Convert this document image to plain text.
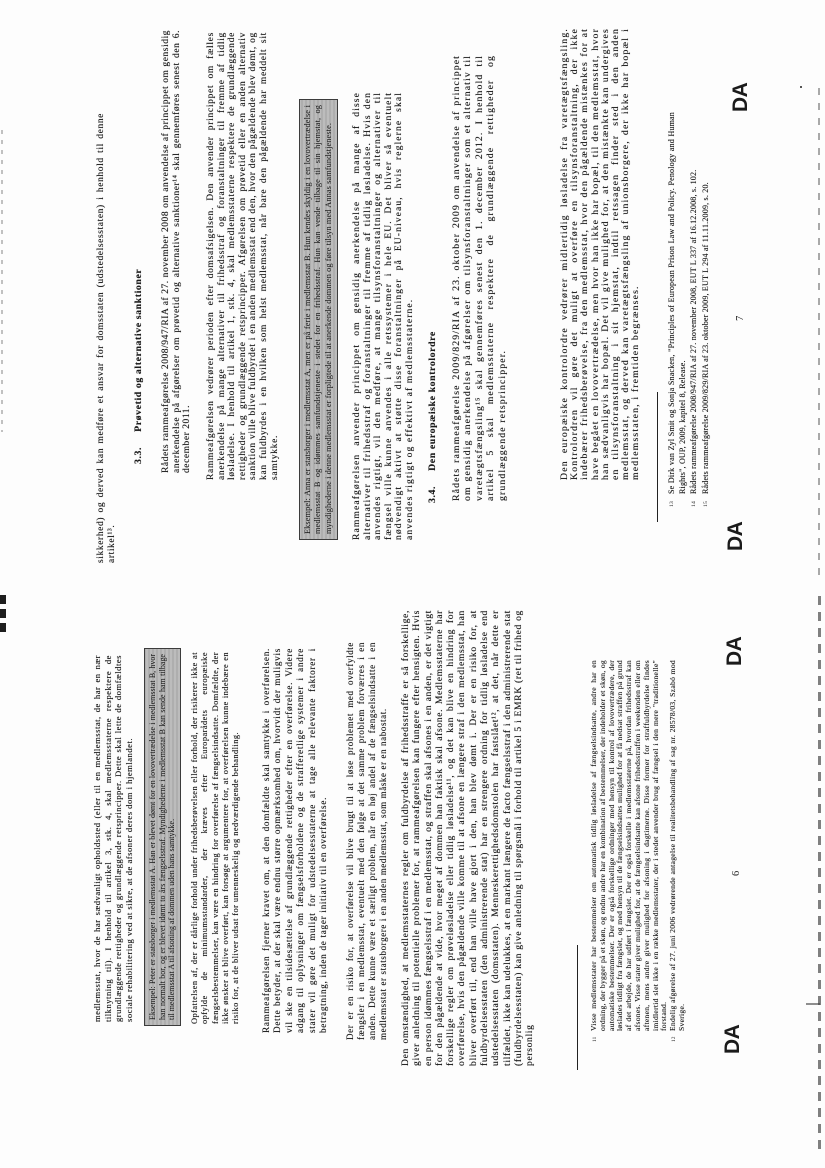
sikkerhed) og derved kan medføre et ansvar for domsstaten (udstedelsesstaten) i henhold til denne artikel¹³.
3.3.
Prøvetid og alternative sanktioner Rådets rammeafgørelse 2008/947/RIA af 27. november 2008 om anvendelse af princippet om gensidig anerkendelse på afgørelser om prøvetid og alternative sanktioner¹⁴ skal gennemføres senest den 6. december 2011. Rammeafgørelsen vedrører perioden efter domsafsigelsen. Den anvender princippet om fælles anerkendelse på mange alternativer til frihedsstraf og foranstaltninger til fremme af tidlig løsladelse. I henhold til artikel 1, stk. 4, skal medlemsstaterne respektere de grundlæggende rettigheder og grundlæggende retsprincipper. Afgørelsen om prøvetid eller en anden alternativ sanktion ville blive fuldbyrdet i en anden medlemsstat end den, hvor den pågældende blev dømt, og kan fuldbyrdes i en hvilken som helst medlemsstat, når bare den pågældende har meddelt sit samtykke.	Eksempel: Anna er statsborger i medlemsstat A, men er på ferie i medlemsstat B. Hun kendes skyldig i en lovovertrædelse i medlemsstat B og idømmes samfundstjeneste i stedet for en frihedsstraf. Hun kan vende tilbage til sin hjemstat, og myndighederne i denne medlemsstat er forpligtede til at anerkende dommen og føre tilsyn med Annas samfundstjeneste.	Rammeafgørelsen anvender princippet om gensidig anerkendelse på mange af disse alternativer til frihedsstraf og foranstaltninger til fremme af tidlig løsladelse. Hvis den anvendes rigtigt, vil den medføre, at mange tilsynsforanstaltninger og alternativer til fængsel ville kunne anvendes i alle retssystemer i hele EU. Det bliver så eventuelt nødvendigt aktivt at støtte disse foranstaltninger på EU-niveau, hvis reglerne skal anvendes rigtigt og effektivt af medlemsstaterne. 3.4.
Den europæiske kontrolordre Rådets rammeafgørelse 2009/829/RIA af 23. oktober 2009 om anvendelse af princippet om gensidig anerkendelse på afgørelser om tilsynsforanstaltninger som et alternativ til varetægtsfængsling¹⁵ skal gennemføres senest den 1. december 2012. I henhold til artikel 5 skal medlemsstaterne respektere de grundlæggende rettigheder og grundlæggende retsprincipper.	Den europæiske kontrolordre vedrører midlertidig løsladelse fra varetægtsfængsling. Kontrolordren vil gøre det muligt at overføre en tilsynsforanstaltning, der ikke indebærer frihedsberøvelse, fra den medlemsstat, hvor den pågældende mistænkes for at have begået en lovovertrædelse, men hvor han ikke har bopæl, til den medlemsstat, hvor han sædvanligvis har bopæl. Det vil give mulighed for, at den mistænkte kan undergives en tilsynsforanstaltning i sit hjemstat, indtil retssagen finder sted i den anden medlemsstat, og derved kan varetægtsfængsling af unionsborgere, der ikke har bopæl i medlemsstaten, i fremtiden begrænses.
13
Se Dirk van Zyl Smit og Sonja Snacken, "Principles of European Prison Law and Policy. Penology and Human Rights", OUP, 2009, kapitel 8, Release.
14
Rådets rammeafgørelse 2008/947/RIA af 27. november 2008, EUT L 337 af 16.12.2008, s. 102.
15
Rådets rammeafgørelse 2009/829/RIA af 23. oktober 2009, EUT L 294 af 11.11.2009, s. 20. 7
DA
DA
medlemsstat, hvor de har sædvanligt opholdssted (eller til en medlemsstat, de har en nær tilknytning til). I henhold til artikel 3, stk. 4, skal medlemsstaterne respektere de grundlæggende rettigheder og grundlæggende retsprincipper. Dette skal lette de domfældtes sociale rehabilitering ved at sikre, at de afsoner deres dom i hjemlandet.	Eksempel: Peter er statsborger i medlemsstat A. Han er blevet dømt for en lovovertrædelse i medlemsstat B, hvor han normalt bor, og er blevet idømt to års fængselsstraf. Myndighederne i medlemsstat B kan sende ham tilbage til medlemsstat A til afsoning af dommen uden hans samtykke.	Opfattelsen af, der er dårlige forhold under frihedsberøvelsen eller forhold, der risikerer ikke at opfylde de minimumsstandarder, der kræves efter Europarådets europæiske fængselsbestemmelser, kan være en hindring for overførelse af fængselsindsatte. Domfældte, der ikke ønsker at blive overført, kan forsøge at argumentere for, at overførelsen kunne indebære en risiko for, at de bliver udsat for umenneskelig og nedværdigende behandling. Rammeafgørelsen fjerner kravet om, at den domfældte skal samtykke i overførelsen. Dette betyder, at der skal være endnu større opmærksomhed om, hvorvidt der muligvis vil ske en tilsidesættelse af grundlæggende rettigheder efter en overførelse. Videre adgang til oplysninger om fængselsforholdene og de strafferetlige systemer i andre stater vil gøre det muligt for udstedelsesstaterne at tage alle relevante faktorer i betragtning, inden de tager initiativ til en overførelse. Der er en risiko for, at overførelse vil blive brugt til at løse problemet med overfyldte fængsler i en medlemsstat, eventuelt med den følge at det samme problem forværres i en anden. Dette kunne være et særligt problem, når en høj andel af de fængselsindsatte i en medlemsstat er statsborgere i en anden medlemsstat, som måske er en nabostat. Den omstændighed, at medlemsstaternes regler om fuldbyrdelse af frihedsstraffe er så forskellige, giver anledning til potentielle problemer for, at rammeafgørelsen kan fungere efter hensigten. Hvis en person idømmes fængselsstraf i en medlemsstat, og straffen skal afsones i en anden, er det vigtigt for den pågældende at vide, hvor meget af dommen han faktisk skal afsone. Medlemsstaterne har forskellige regler om prøveløsladelse eller tidlig løsladelse¹¹, og det kan blive en hindring for overførelse, hvis den pågældende ville komme til at afsone en længere straf i den medlemsstat, han bliver overført til, end han ville have gjort i den, han blev dømt i. Der er en risiko for, at fuldbyrdelsesstaten (den administrerende stat) har en strengere ordning for tidlig løsladelse end udstedelsesstaten (domsstaten). Menneskerettighedsdomstolen har fastslået¹², at det, når dette er tilfældet, ikke kan udelukkes, at en markant længere de facto fængselsstraf i den administrerende stat (fuldbyrdelsesstaten) kan give anledning til spørgsmål i forhold til artikel 5 i EMRK (ret til frihed og personlig	11
Visse medlemsstater har bestemmelser om automatisk tidlig løsladelse af fængselsindsatte, andre har en ordning, der bygger på et skøn, og endnu andre har en kombination af bestemmelser, der indeholder et skøn, og automatiske bestemmelser. Der er også forskellige ordninger med hensyn til kontrol af lovovertrædere, der løslades tidligt fra fængslet, og med hensyn til de fængselsindsattes mulighed for at få nedsat straffen på grund af det arbejde, de har udført i fængslet. Der er også forskelle i medlemsstaterne på, hvordan frihedsstraf kan afsones. Visse stater giver mulighed for, at de fængselsindsatte kan afsone frihedsstraffen i weekenden eller om aftenen, mens andre giver mulighed for afsoning i dagtimerne. Disse former for straffuldbyrdelse findes imidlertid slet ikke i en række medlemsstater, der i stedet anvender brug af fængsel i den mere "traditionelle" forstand.
12
Endelig afgørelse af 27. juni 2006 vedrørende antagelse til realitetsbehandling af sag nr. 28578/03, Szabó mod Sverige.
6
DA
DA
